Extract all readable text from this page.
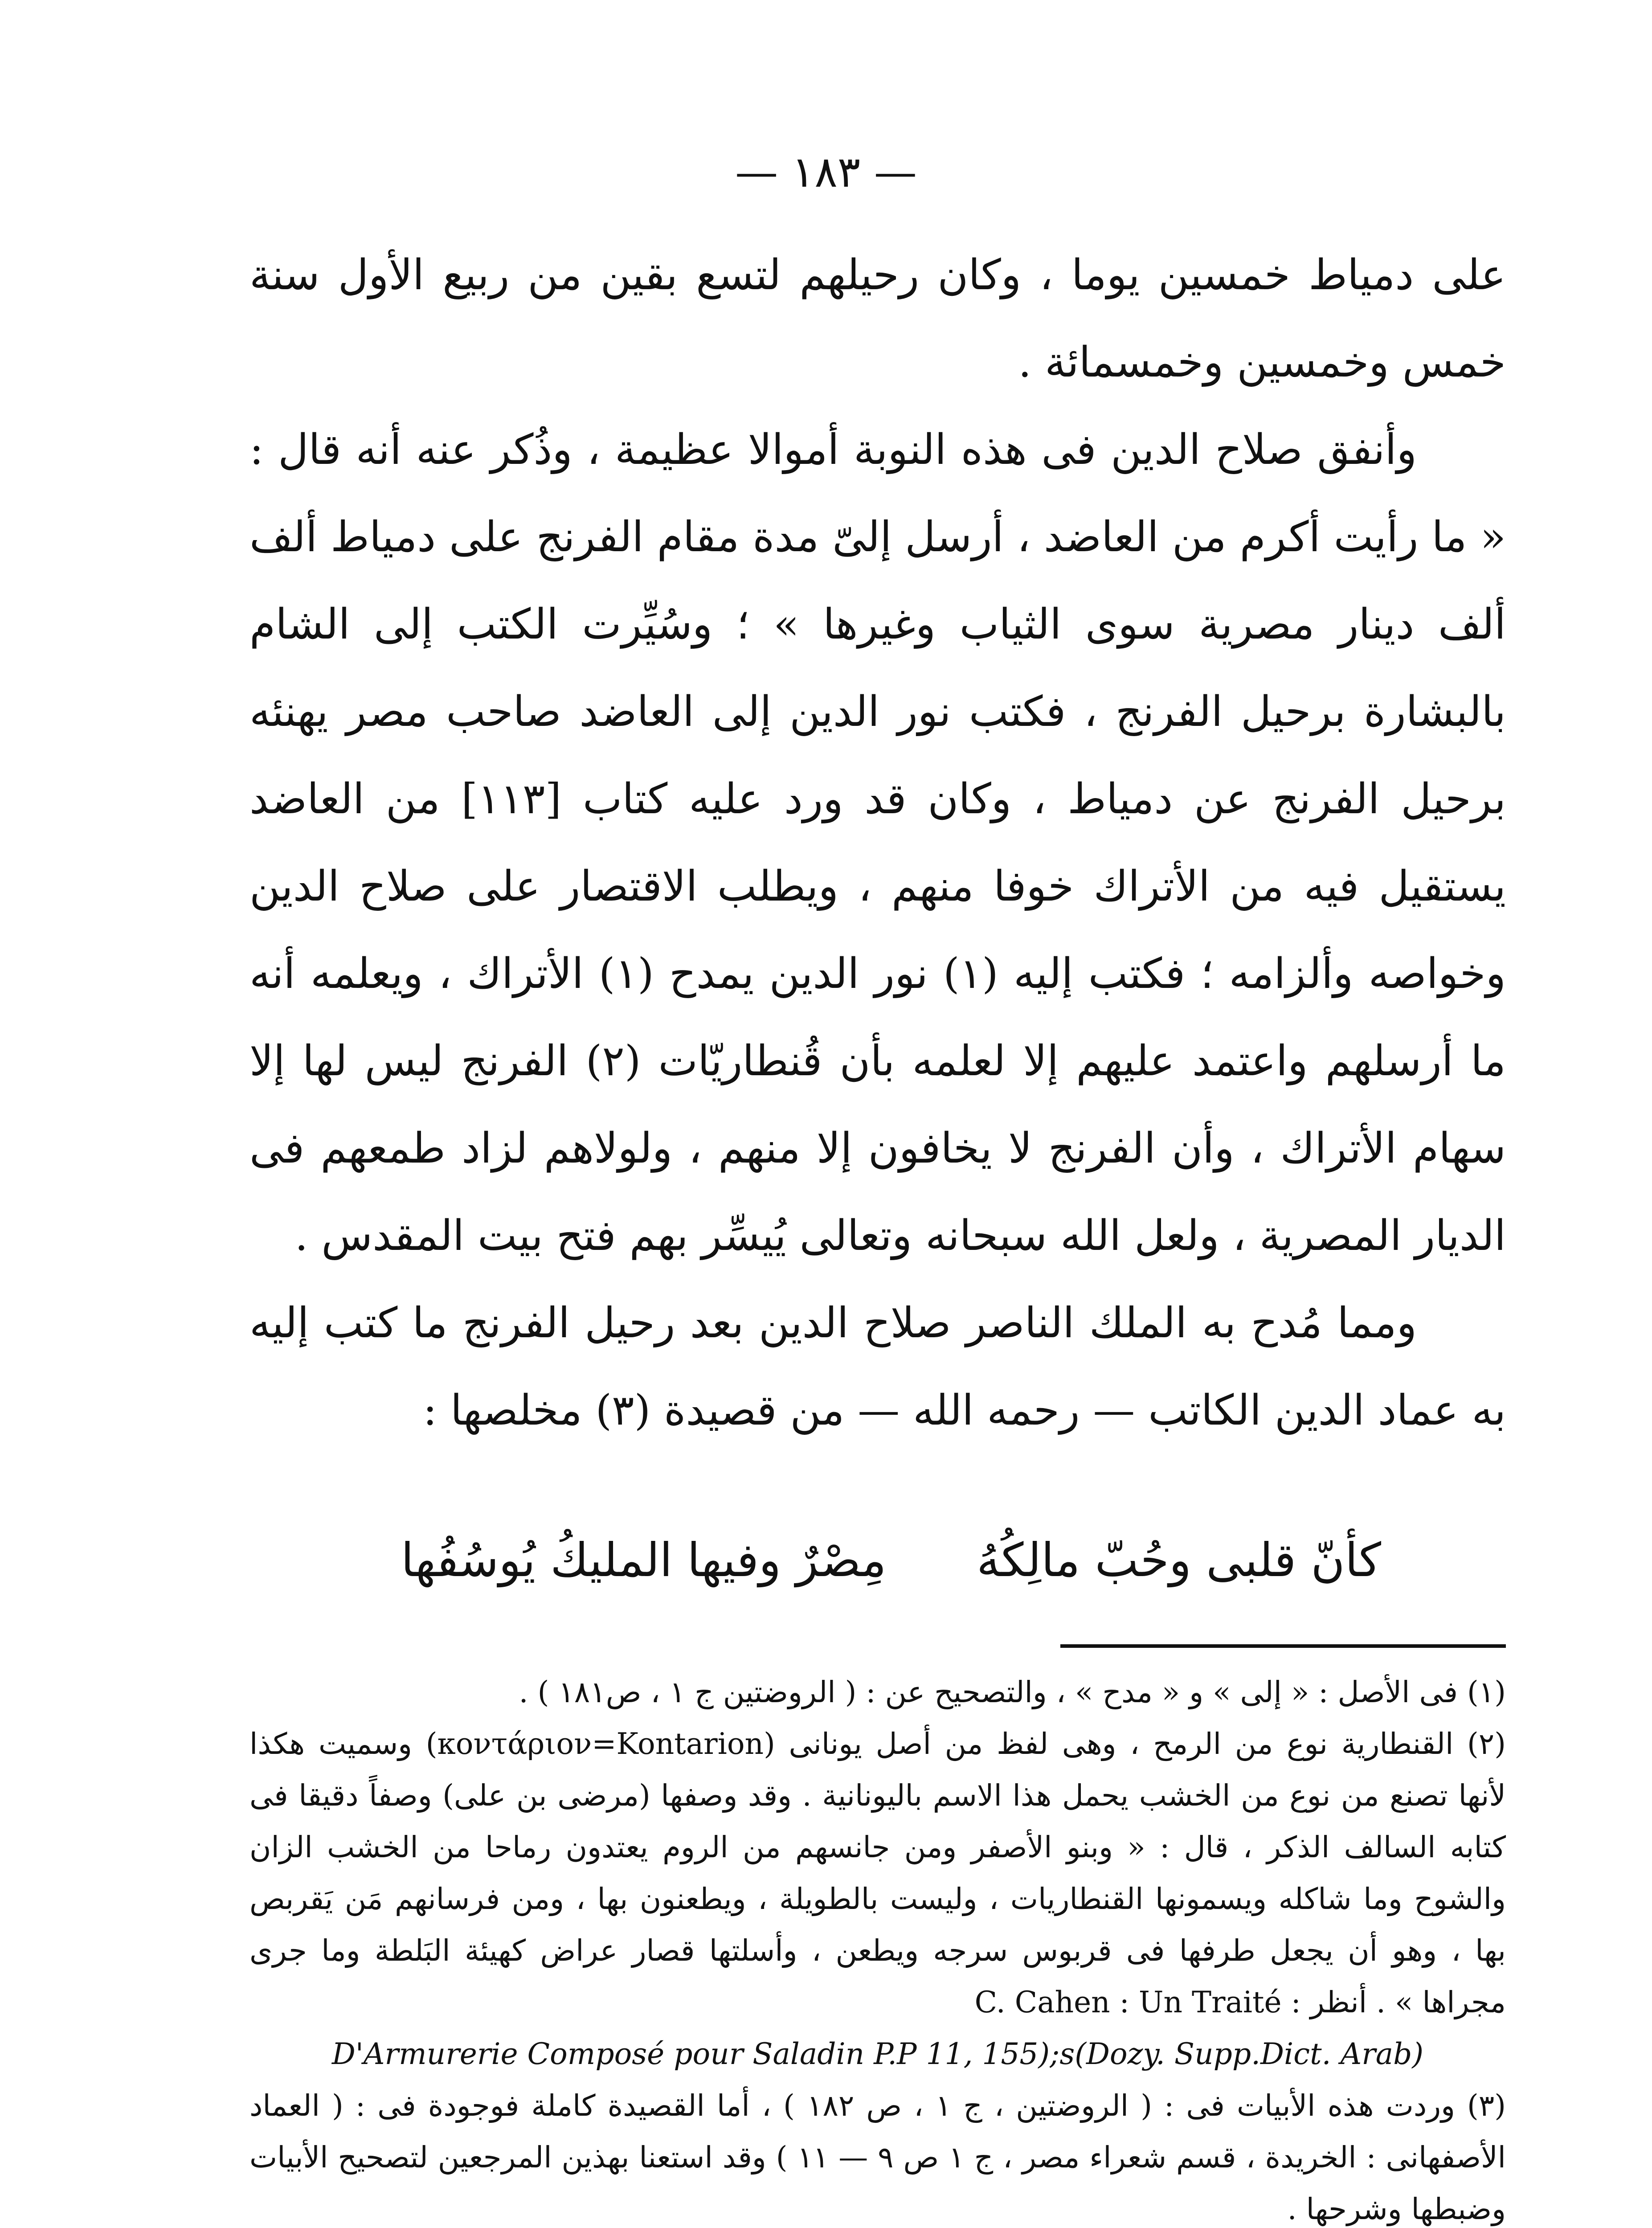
— ١٨٣ —

على دمياط خمسين يوما ، وكان رحيلهم لتسع بقين من ربيع الأول سنة خمس وخمسين وخمسمائة .

وأنفق صلاح الدين فى هذه النوبة أموالا عظيمة ، وذُكر عنه أنه قال : « ما رأيت أكرم من العاضد ، أرسل إلىّ مدة مقام الفرنج على دمياط ألف ألف دينار مصرية سوى الثياب وغيرها » ؛ وسُيِّرت الكتب إلى الشام بالبشارة برحيل الفرنج ، فكتب نور الدين إلى العاضد صاحب مصر يهنئه برحيل الفرنج عن دمياط ، وكان قد ورد عليه كتاب [١١٣] من العاضد يستقيل فيه من الأتراك خوفا منهم ، ويطلب الاقتصار على صلاح الدين وخواصه وألزامه ؛ فكتب إليه (١) نور الدين يمدح (١) الأتراك ، ويعلمه أنه ما أرسلهم واعتمد عليهم إلا لعلمه بأن قُنطاريّات (٢) الفرنج ليس لها إلا سهام الأتراك ، وأن الفرنج لا يخافون إلا منهم ، ولولاهم لزاد طمعهم فى الديار المصرية ، ولعل الله سبحانه وتعالى يُيسِّر بهم فتح بيت المقدس .

ومما مُدح به الملك الناصر صلاح الدين بعد رحيل الفرنج ما كتب إليه به عماد الدين الكاتب — رحمه الله — من قصيدة (٣) مخلصها :

كأنّ قلبى وحُبّ مالِكُهُ
مِصْرٌ وفيها المليكُ يُوسُفُها

(١) فى الأصل : « إلى » و « مدح » ، والتصحيح عن : ( الروضتين ج ١ ، ص١٨١ ) .

(٢) القنطارية نوع من الرمح ، وهى لفظ من أصل يونانى (κοντάριον=Kontarion) وسميت هكذا لأنها تصنع من نوع من الخشب يحمل هذا الاسم باليونانية . وقد وصفها (مرضى بن على) وصفاً دقيقا فى كتابه السالف الذكر ، قال : « وبنو الأصفر ومن جانسهم من الروم يعتدون رماحا من الخشب الزان والشوح وما شاكله ويسمونها القنطاريات ، وليست بالطويلة ، ويطعنون بها ، ومن فرسانهم مَن يَقربص بها ، وهو أن يجعل طرفها فى قربوس سرجه ويطعن ، وأسلتها قصار عراض كهيئة البَلطة وما جرى مجراها » . أنظر : C. Cahen : Un Traité

D'Armurerie Composé pour Saladin P.P 11, 155);s(Dozy. Supp.Dict. Arab)

(٣) وردت هذه الأبيات فى : ( الروضتين ، ج ١ ، ص ١٨٢ ) ، أما القصيدة كاملة فوجودة فى : ( العماد الأصفهانى : الخريدة ، قسم شعراء مصر ، ج ١ ص ٩ — ١١ ) وقد استعنا بهذين المرجعين لتصحيح الأبيات وضبطها وشرحها .
